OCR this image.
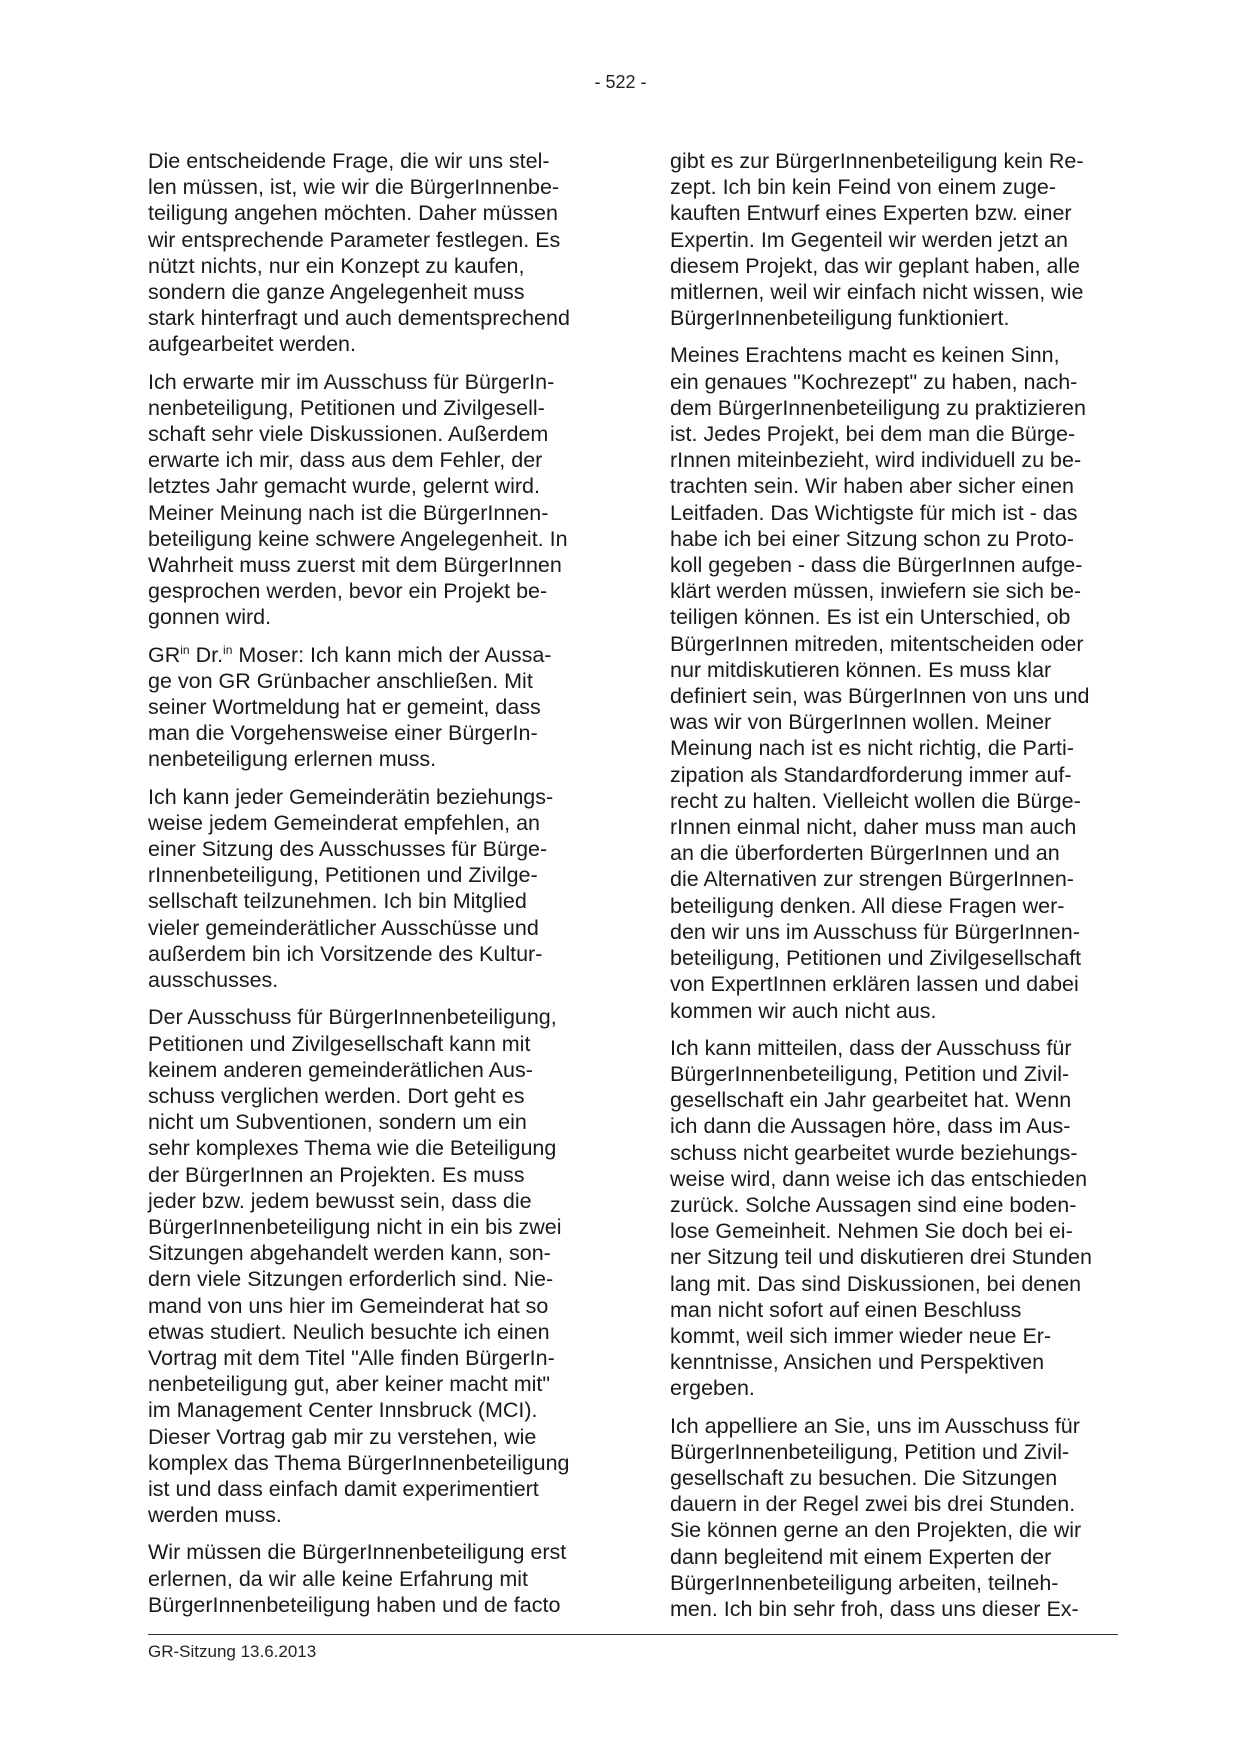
- 522 -

Die entscheidende Frage, die wir uns stel-
len müssen, ist, wie wir die BürgerInnenbe-
teiligung angehen möchten. Daher müssen
wir entsprechende Parameter festlegen. Es
nützt nichts, nur ein Konzept zu kaufen,
sondern die ganze Angelegenheit muss
stark hinterfragt und auch dementsprechend
aufgearbeitet werden.

Ich erwarte mir im Ausschuss für BürgerIn-
nenbeteiligung, Petitionen und Zivilgesell-
schaft sehr viele Diskussionen. Außerdem
erwarte ich mir, dass aus dem Fehler, der
letztes Jahr gemacht wurde, gelernt wird.
Meiner Meinung nach ist die BürgerInnen-
beteiligung keine schwere Angelegenheit. In
Wahrheit muss zuerst mit dem BürgerInnen
gesprochen werden, bevor ein Projekt be-
gonnen wird.

$GR^{in}$ Dr.$^{in}$ Moser: Ich kann mich der Aussa-
ge von GR Grünbacher anschließen. Mit
seiner Wortmeldung hat er gemeint, dass
man die Vorgehensweise einer BürgerIn-
nenbeteiligung erlernen muss.

Ich kann jeder Gemeinderätin beziehungs-
weise jedem Gemeinderat empfehlen, an
einer Sitzung des Ausschusses für Bürge-
rInnenbeteiligung, Petitionen und Zivilge-
sellschaft teilzunehmen. Ich bin Mitglied
vieler gemeinderätlicher Ausschüsse und
außerdem bin ich Vorsitzende des Kultur-
ausschusses.

Der Ausschuss für BürgerInnenbeteiligung,
Petitionen und Zivilgesellschaft kann mit
keinem anderen gemeinderätlichen Aus-
schuss verglichen werden. Dort geht es
nicht um Subventionen, sondern um ein
sehr komplexes Thema wie die Beteiligung
der BürgerInnen an Projekten. Es muss
jeder bzw. jedem bewusst sein, dass die
BürgerInnenbeteiligung nicht in ein bis zwei
Sitzungen abgehandelt werden kann, son-
dern viele Sitzungen erforderlich sind. Nie-
mand von uns hier im Gemeinderat hat so
etwas studiert. Neulich besuchte ich einen
Vortrag mit dem Titel "Alle finden BürgerIn-
nenbeteiligung gut, aber keiner macht mit"
im Management Center Innsbruck (MCI).
Dieser Vortrag gab mir zu verstehen, wie
komplex das Thema BürgerInnenbeteiligung
ist und dass einfach damit experimentiert
werden muss.

Wir müssen die BürgerInnenbeteiligung erst
erlernen, da wir alle keine Erfahrung mit
BürgerInnenbeteiligung haben und de facto

gibt es zur BürgerInnenbeteiligung kein Re-
zept. Ich bin kein Feind von einem zuge-
kauften Entwurf eines Experten bzw. einer
Expertin. Im Gegenteil wir werden jetzt an
diesem Projekt, das wir geplant haben, alle
mitlernen, weil wir einfach nicht wissen, wie
BürgerInnenbeteiligung funktioniert.

Meines Erachtens macht es keinen Sinn,
ein genaues "Kochrezept" zu haben, nach-
dem BürgerInnenbeteiligung zu praktizieren
ist. Jedes Projekt, bei dem man die Bürge-
rInnen miteinbezieht, wird individuell zu be-
trachten sein. Wir haben aber sicher einen
Leitfaden. Das Wichtigste für mich ist - das
habe ich bei einer Sitzung schon zu Proto-
koll gegeben - dass die BürgerInnen aufge-
klärt werden müssen, inwiefern sie sich be-
teiligen können. Es ist ein Unterschied, ob
BürgerInnen mitreden, mitentscheiden oder
nur mitdiskutieren können. Es muss klar
definiert sein, was BürgerInnen von uns und
was wir von BürgerInnen wollen. Meiner
Meinung nach ist es nicht richtig, die Parti-
zipation als Standardforderung immer auf-
recht zu halten. Vielleicht wollen die Bürge-
rInnen einmal nicht, daher muss man auch
an die überforderten BürgerInnen und an
die Alternativen zur strengen BürgerInnen-
beteiligung denken. All diese Fragen wer-
den wir uns im Ausschuss für BürgerInnen-
beteiligung, Petitionen und Zivilgesellschaft
von ExpertInnen erklären lassen und dabei
kommen wir auch nicht aus.

Ich kann mitteilen, dass der Ausschuss für
BürgerInnenbeteiligung, Petition und Zivil-
gesellschaft ein Jahr gearbeitet hat. Wenn
ich dann die Aussagen höre, dass im Aus-
schuss nicht gearbeitet wurde beziehungs-
weise wird, dann weise ich das entschieden
zurück. Solche Aussagen sind eine boden-
lose Gemeinheit. Nehmen Sie doch bei ei-
ner Sitzung teil und diskutieren drei Stunden
lang mit. Das sind Diskussionen, bei denen
man nicht sofort auf einen Beschluss
kommt, weil sich immer wieder neue Er-
kenntnisse, Ansichen und Perspektiven
ergeben.

Ich appelliere an Sie, uns im Ausschuss für
BürgerInnenbeteiligung, Petition und Zivil-
gesellschaft zu besuchen. Die Sitzungen
dauern in der Regel zwei bis drei Stunden.
Sie können gerne an den Projekten, die wir
dann begleitend mit einem Experten der
BürgerInnenbeteiligung arbeiten, teilneh-
men. Ich bin sehr froh, dass uns dieser Ex-

GR-Sitzung 13.6.2013
